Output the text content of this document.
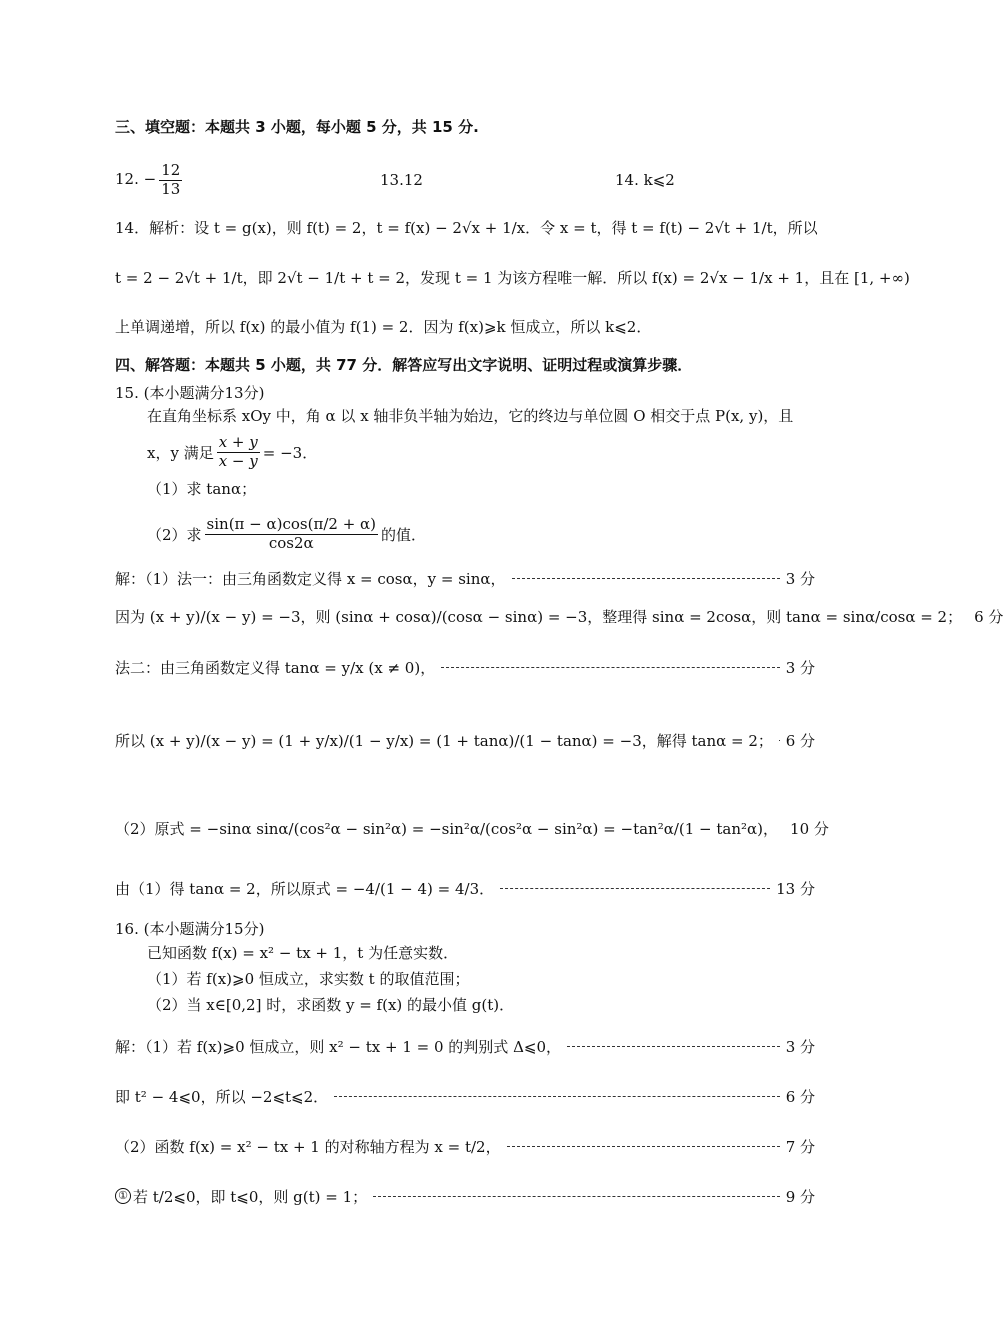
三、填空题：本题共 3 小题，每小题 5 分，共 15 分.
12. − $\frac{12}{13}$	13.12	14. k⩽2
14．解析：设 t = g(x)，则 f(t) = 2，t = f(x) − 2√x + 1/x．令 x = t，得 t = f(t) − 2√t + 1/t，所以
t = 2 − 2√t + 1/t，即 2√t − 1/t + t = 2，发现 t = 1 为该方程唯一解．所以 f(x) = 2√x − 1/x + 1，且在 [1, +∞)
上单调递增，所以 f(x) 的最小值为 f(1) = 2．因为 f(x)⩾k 恒成立，所以 k⩽2．
四、解答题：本题共 5 小题，共 77 分．解答应写出文字说明、证明过程或演算步骤．
15. (本小题满分13分)
在直角坐标系 xOy 中，角 α 以 x 轴非负半轴为始边，它的终边与单位圆 O 相交于点 P(x, y)，且
x，y 满足 $\frac{x + y}{x - y} = -3$．
（1）求 tanα；
（2）求 $\frac{\sin(\pi - \alpha)\cos(\pi/2 + \alpha)}{\cos 2\alpha}$ 的值．
解：（1）法一：由三角函数定义得 x = cosα，y = sinα，	3 分
因为 (x + y)/(x − y) = −3，则 (sinα + cosα)/(cosα − sinα) = −3，整理得 sinα = 2cosα，则 tanα = sinα/cosα = 2； 6 分
法二：由三角函数定义得 tanα = y/x (x ≠ 0)，	3 分
所以 (x + y)/(x − y) = (1 + y/x)/(1 − y/x) = (1 + tanα)/(1 − tanα) = −3，解得 tanα = 2； 6 分
（2）原式 = −sinα sinα/(cos²α − sin²α) = −sin²α/(cos²α − sin²α) = −tan²α/(1 − tan²α)， 10 分
由（1）得 tanα = 2，所以原式 = −4/(1 − 4) = 4/3．	13 分
16. (本小题满分15分)
已知函数 f(x) = x² − tx + 1，t 为任意实数．
（1）若 f(x)⩾0 恒成立，求实数 t 的取值范围；
（2）当 x∈[0,2] 时，求函数 y = f(x) 的最小值 g(t)．
解：（1）若 f(x)⩾0 恒成立，则 x² − tx + 1 = 0 的判别式 Δ⩽0，	3 分
即 t² − 4⩽0，所以 −2⩽t⩽2．	6 分
（2）函数 f(x) = x² − tx + 1 的对称轴方程为 x = t/2，	7 分
① 若 t/2⩽0，即 t⩽0，则 g(t) = 1；	9 分
